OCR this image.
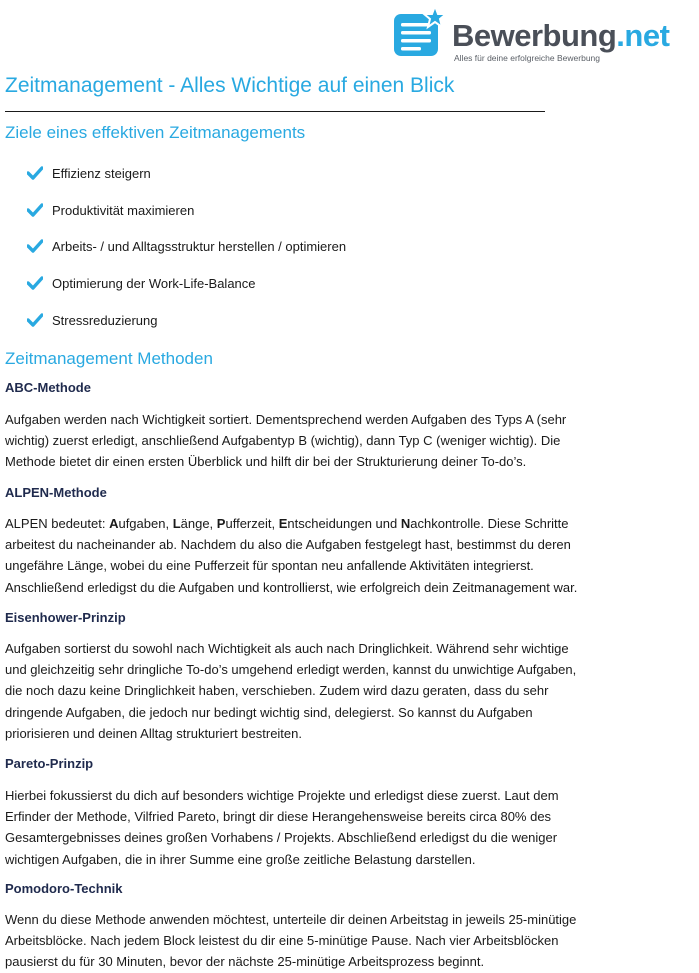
Bewerbung.net
Alles für deine erfolgreiche Bewerbung
Zeitmanagement - Alles Wichtige auf einen Blick
Ziele eines effektiven Zeitmanagements
Effizienz steigern
Produktivität maximieren
Arbeits- / und Alltagsstruktur herstellen / optimieren
Optimierung der Work-Life-Balance
Stressreduzierung
Zeitmanagement Methoden
ABC-Methode
Aufgaben werden nach Wichtigkeit sortiert. Dementsprechend werden Aufgaben des Typs A (sehr
wichtig) zuerst erledigt, anschließend Aufgabentyp B (wichtig), dann Typ C (weniger wichtig). Die
Methode bietet dir einen ersten Überblick und hilft dir bei der Strukturierung deiner To-do’s.
ALPEN-Methode
ALPEN bedeutet: Aufgaben, Länge, Pufferzeit, Entscheidungen und Nachkontrolle. Diese Schritte
arbeitest du nacheinander ab. Nachdem du also die Aufgaben festgelegt hast, bestimmst du deren
ungefähre Länge, wobei du eine Pufferzeit für spontan neu anfallende Aktivitäten integrierst.
Anschließend erledigst du die Aufgaben und kontrollierst, wie erfolgreich dein Zeitmanagement war.
Eisenhower-Prinzip
Aufgaben sortierst du sowohl nach Wichtigkeit als auch nach Dringlichkeit. Während sehr wichtige
und gleichzeitig sehr dringliche To-do’s umgehend erledigt werden, kannst du unwichtige Aufgaben,
die noch dazu keine Dringlichkeit haben, verschieben. Zudem wird dazu geraten, dass du sehr
dringende Aufgaben, die jedoch nur bedingt wichtig sind, delegierst. So kannst du Aufgaben
priorisieren und deinen Alltag strukturiert bestreiten.
Pareto-Prinzip
Hierbei fokussierst du dich auf besonders wichtige Projekte und erledigst diese zuerst. Laut dem
Erfinder der Methode, Vilfried Pareto, bringt dir diese Herangehensweise bereits circa 80% des
Gesamtergebnisses deines großen Vorhabens / Projekts. Abschließend erledigst du die weniger
wichtigen Aufgaben, die in ihrer Summe eine große zeitliche Belastung darstellen.
Pomodoro-Technik
Wenn du diese Methode anwenden möchtest, unterteile dir deinen Arbeitstag in jeweils 25-minütige
Arbeitsblöcke. Nach jedem Block leistest du dir eine 5-minütige Pause. Nach vier Arbeitsblöcken
pausierst du für 30 Minuten, bevor der nächste 25-minütige Arbeitsprozess beginnt.
